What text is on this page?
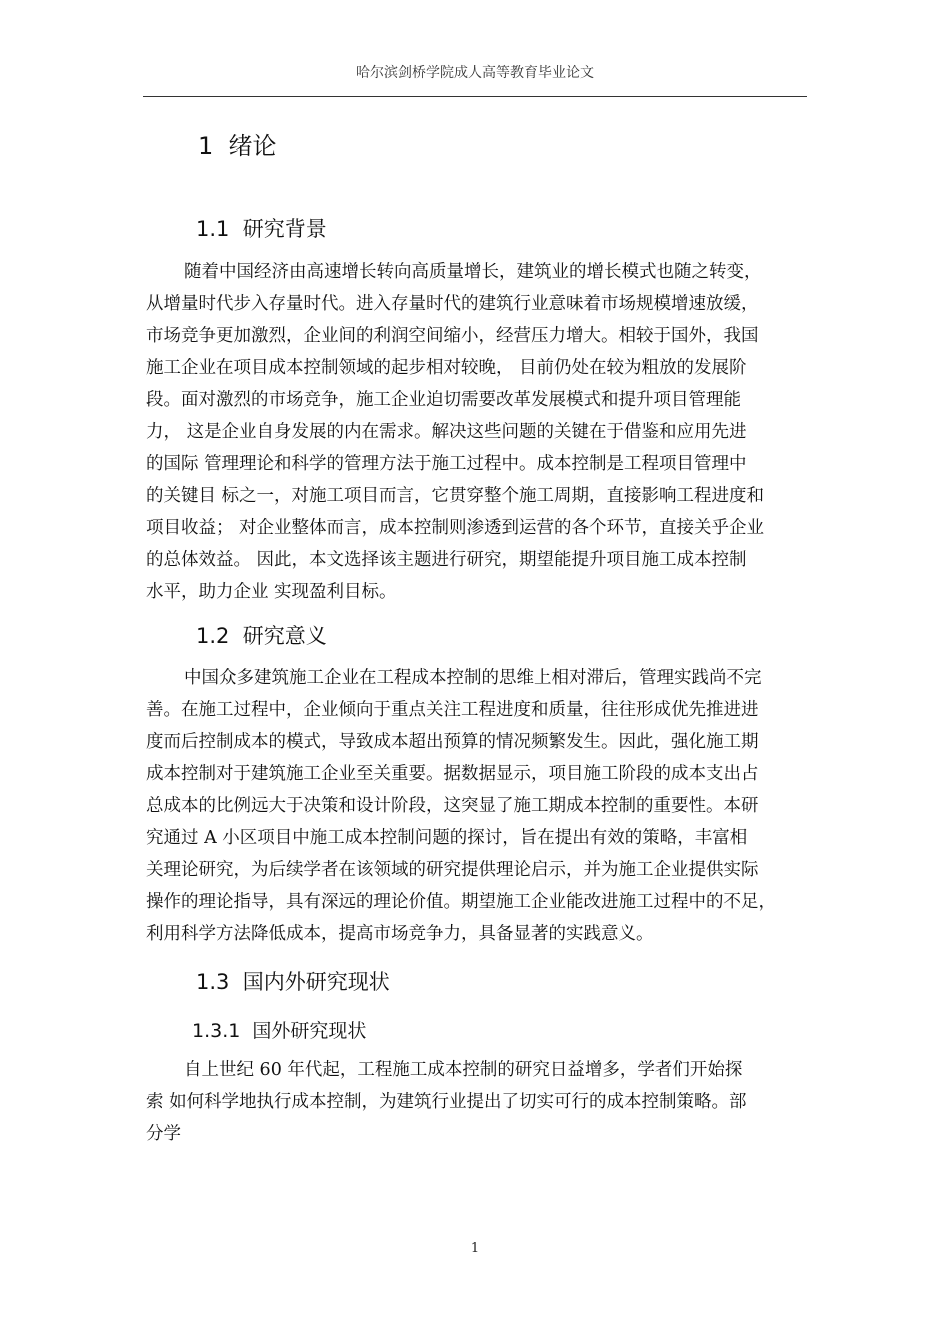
哈尔滨剑桥学院成人高等教育毕业论文
1  绪论
1.1  研究背景
随着中国经济由高速增长转向高质量增长，建筑业的增长模式也随之转变，
从增量时代步入存量时代。进入存量时代的建筑行业意味着市场规模增速放缓，
市场竞争更加激烈，企业间的利润空间缩小，经营压力增大。相较于国外，我国
施工企业在项目成本控制领域的起步相对较晚， 目前仍处在较为粗放的发展阶
段。面对激烈的市场竞争，施工企业迫切需要改革发展模式和提升项目管理能
力， 这是企业自身发展的内在需求。解决这些问题的关键在于借鉴和应用先进
的国际 管理理论和科学的管理方法于施工过程中。成本控制是工程项目管理中
的关键目 标之一，对施工项目而言，它贯穿整个施工周期，直接影响工程进度和
项目收益； 对企业整体而言，成本控制则渗透到运营的各个环节，直接关乎企业
的总体效益。 因此，本文选择该主题进行研究，期望能提升项目施工成本控制
水平，助力企业 实现盈利目标。
1.2  研究意义
中国众多建筑施工企业在工程成本控制的思维上相对滞后，管理实践尚不完
善。在施工过程中，企业倾向于重点关注工程进度和质量，往往形成优先推进进
度而后控制成本的模式，导致成本超出预算的情况频繁发生。因此，强化施工期
成本控制对于建筑施工企业至关重要。据数据显示，项目施工阶段的成本支出占
总成本的比例远大于决策和设计阶段，这突显了施工期成本控制的重要性。本研
究通过 A 小区项目中施工成本控制问题的探讨，旨在提出有效的策略，丰富相
关理论研究，为后续学者在该领域的研究提供理论启示，并为施工企业提供实际
操作的理论指导，具有深远的理论价值。期望施工企业能改进施工过程中的不足，
利用科学方法降低成本，提高市场竞争力，具备显著的实践意义。
1.3  国内外研究现状
1.3.1  国外研究现状
自上世纪 60 年代起，工程施工成本控制的研究日益增多，学者们开始探
索 如何科学地执行成本控制，为建筑行业提出了切实可行的成本控制策略。部
分学
1
